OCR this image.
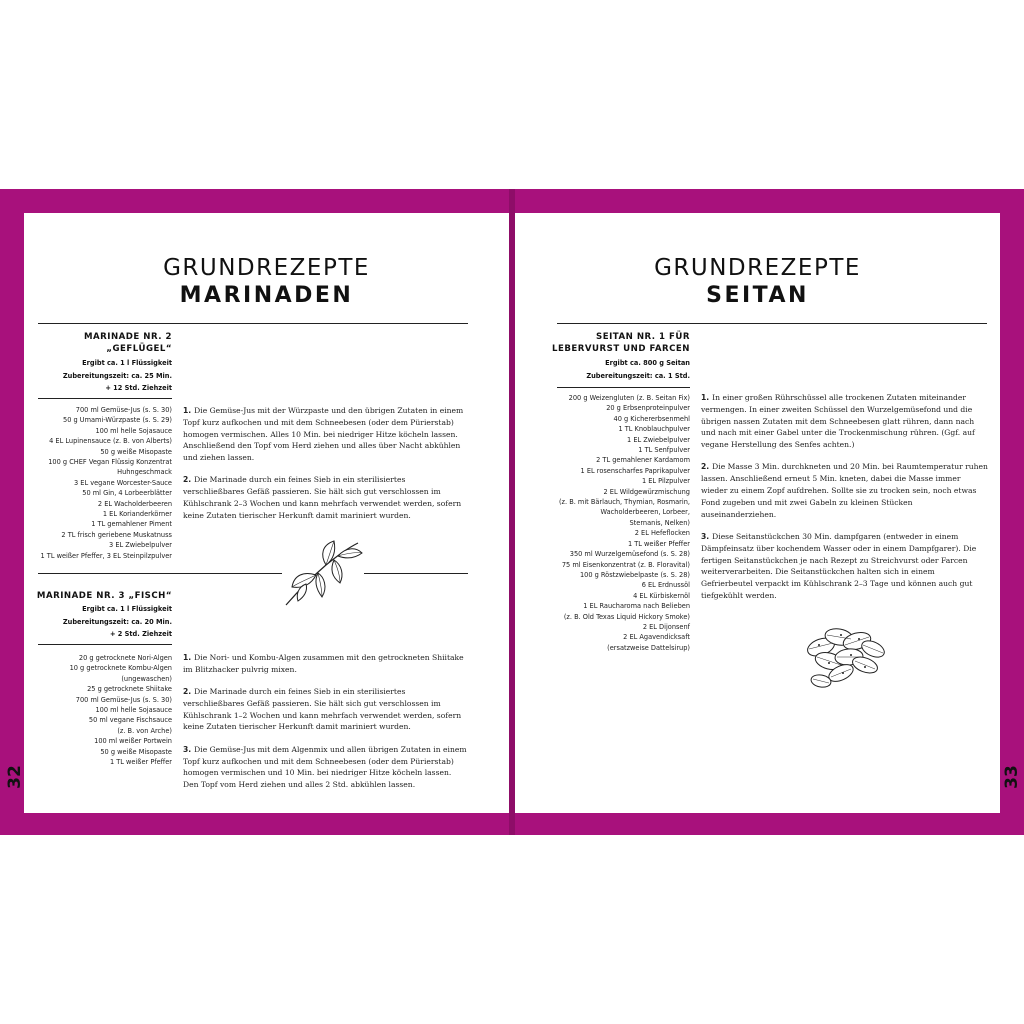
GRUNDREZEPTE
MARINADEN
MARINADE NR. 2
„GEFLÜGEL“
Ergibt ca. 1 l Flüssigkeit
Zubereitungszeit: ca. 25 Min.
+ 12 Std. Ziehzeit
700 ml Gemüse-Jus (s. S. 30)
50 g Umami-Würzpaste (s. S. 29)
100 ml helle Sojasauce
4 EL Lupinensauce (z. B. von Alberts)
50 g weiße Misopaste
100 g CHEF Vegan Flüssig Konzentrat
Huhngeschmack
3 EL vegane Worcester-Sauce
50 ml Gin, 4 Lorbeerblätter
2 EL Wacholderbeeren
1 EL Korianderkörner
1 TL gemahlener Piment
2 TL frisch geriebene Muskatnuss
3 EL Zwiebelpulver
1 TL weißer Pfeffer, 3 EL Steinpilzpulver

1. Die Gemüse-Jus mit der Würzpaste und den übrigen Zutaten in einem Topf kurz aufkochen und mit dem Schneebesen (oder dem Pürierstab) homogen vermischen. Alles 10 Min. bei niedriger Hitze köcheln lassen. Anschließend den Topf vom Herd ziehen und alles über Nacht abkühlen und ziehen lassen.

2. Die Marinade durch ein feines Sieb in ein sterilisiertes verschließbares Gefäß passieren. Sie hält sich gut verschlossen im Kühlschrank 2–3 Wochen und kann mehrfach verwendet werden, sofern keine Zutaten tierischer Herkunft damit mariniert wurden.

MARINADE NR. 3 „FISCH“
Ergibt ca. 1 l Flüssigkeit
Zubereitungszeit: ca. 20 Min.
+ 2 Std. Ziehzeit
20 g getrocknete Nori-Algen
10 g getrocknete Kombu-Algen
(ungewaschen)
25 g getrocknete Shiitake
700 ml Gemüse-Jus (s. S. 30)
100 ml helle Sojasauce
50 ml vegane Fischsauce
(z. B. von Arche)
100 ml weißer Portwein
50 g weiße Misopaste
1 TL weißer Pfeffer

1. Die Nori- und Kombu-Algen zusammen mit den getrockneten Shiitake im Blitzhacker pulvrig mixen.

2. Die Marinade durch ein feines Sieb in ein sterilisiertes verschließbares Gefäß passieren. Sie hält sich gut verschlossen im Kühlschrank 1–2 Wochen und kann mehrfach verwendet werden, sofern keine Zutaten tierischer Herkunft damit mariniert wurden.

3. Die Gemüse-Jus mit dem Algenmix und allen übrigen Zutaten in einem Topf kurz aufkochen und mit dem Schneebesen (oder dem Pürierstab) homogen vermischen und 10 Min. bei niedriger Hitze köcheln lassen. Den Topf vom Herd ziehen und alles 2 Std. abkühlen lassen.

GRUNDREZEPTE
SEITAN
SEITAN NR. 1 FÜR
LEBERVURST UND FARCEN
Ergibt ca. 800 g Seitan
Zubereitungszeit: ca. 1 Std.
200 g Weizengluten (z. B. Seitan Fix)
20 g Erbsenproteinpulver
40 g Kichererbsenmehl
1 TL Knoblauchpulver
1 EL Zwiebelpulver
1 TL Senfpulver
2 TL gemahlener Kardamom
1 EL rosenscharfes Paprikapulver
1 EL Pilzpulver
2 EL Wildgewürzmischung
(z. B. mit Bärlauch, Thymian, Rosmarin,
Wacholderbeeren, Lorbeer,
Sternanis, Nelken)
2 EL Hefeflocken
1 TL weißer Pfeffer
350 ml Wurzelgemüsefond (s. S. 28)
75 ml Eisenkonzentrat (z. B. Floravital)
100 g Röstzwiebelpaste (s. S. 28)
6 EL Erdnussöl
4 EL Kürbiskernöl
1 EL Raucharoma nach Belieben
(z. B. Old Texas Liquid Hickory Smoke)
2 EL Dijonsenf
2 EL Agavendicksaft
(ersatzweise Dattelsirup)

1. In einer großen Rührschüssel alle trockenen Zutaten miteinander vermengen. In einer zweiten Schüssel den Wurzelgemüsefond und die übrigen nassen Zutaten mit dem Schneebesen glatt rühren, dann nach und nach mit einer Gabel unter die Trockenmischung rühren. (Ggf. auf vegane Herstellung des Senfes achten.)

2. Die Masse 3 Min. durchkneten und 20 Min. bei Raumtemperatur ruhen lassen. Anschließend erneut 5 Min. kneten, dabei die Masse immer wieder zu einem Zopf aufdrehen. Sollte sie zu trocken sein, noch etwas Fond zugeben und mit zwei Gabeln zu kleinen Stücken auseinanderziehen.

3. Diese Seitanstückchen 30 Min. dampfgaren (entweder in einem Dämpfeinsatz über kochendem Wasser oder in einem Dampfgarer). Die fertigen Seitanstückchen je nach Rezept zu Streichvurst oder Farcen weiterverarbeiten. Die Seitanstückchen halten sich in einem Gefrierbeutel verpackt im Kühlschrank 2–3 Tage und können auch gut tiefgekühlt werden.

32	33
